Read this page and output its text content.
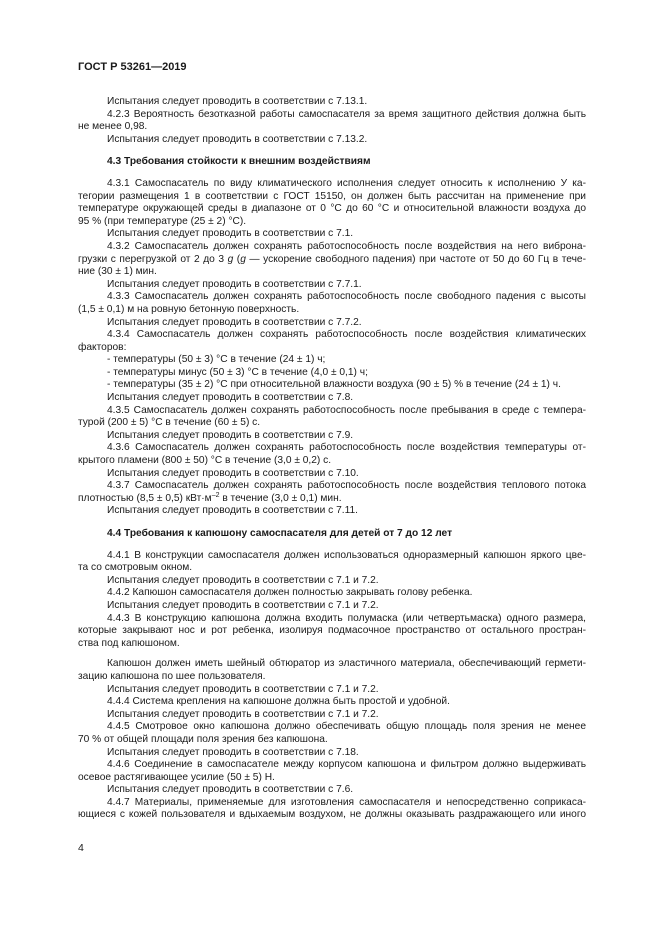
ГОСТ Р 53261—2019
Испытания следует проводить в соответствии с 7.13.1.
4.2.3 Вероятность безотказной работы самоспасателя за время защитного действия должна быть
не менее 0,98.
Испытания следует проводить в соответствии с 7.13.2.
4.3 Требования стойкости к внешним воздействиям
4.3.1 Самоспасатель по виду климатического исполнения следует относить к исполнению У ка-
тегории размещения 1 в соответствии с ГОСТ 15150, он должен быть рассчитан на применение при
температуре окружающей среды в диапазоне от 0 °С до 60 °С и относительной влажности воздуха до
95 % (при температуре (25 ± 2) °С).
Испытания следует проводить в соответствии с 7.1.
4.3.2 Самоспасатель должен сохранять работоспособность после воздействия на него виброна-
грузки с перегрузкой от 2 до 3 g (g — ускорение свободного падения) при частоте от 50 до 60 Гц в тече-
ние (30 ± 1) мин.
Испытания следует проводить в соответствии с 7.7.1.
4.3.3 Самоспасатель должен сохранять работоспособность после свободного падения с высоты
(1,5 ± 0,1) м на ровную бетонную поверхность.
Испытания следует проводить в соответствии с 7.7.2.
4.3.4 Самоспасатель должен сохранять работоспособность после воздействия климатических
факторов:
- температуры (50 ± 3) °С в течение (24 ± 1) ч;
- температуры минус (50 ± 3) °С в течение (4,0 ± 0,1) ч;
- температуры (35 ± 2) °С при относительной влажности воздуха (90 ± 5) % в течение (24 ± 1) ч.
Испытания следует проводить в соответствии с 7.8.
4.3.5 Самоспасатель должен сохранять работоспособность после пребывания в среде с темпера-
турой (200 ± 5) °С в течение (60 ± 5) с.
Испытания следует проводить в соответствии с 7.9.
4.3.6 Самоспасатель должен сохранять работоспособность после воздействия температуры от-
крытого пламени (800 ± 50) °С в течение (3,0 ± 0,2) с.
Испытания следует проводить в соответствии с 7.10.
4.3.7 Самоспасатель должен сохранять работоспособность после воздействия теплового потока
плотностью (8,5 ± 0,5) $кВт\cdot м^{-2}$ в течение (3,0 ± 0,1) мин.
Испытания следует проводить в соответствии с 7.11.
4.4 Требования к капюшону самоспасателя для детей от 7 до 12 лет
4.4.1 В конструкции самоспасателя должен использоваться одноразмерный капюшон яркого цве-
та со смотровым окном.
Испытания следует проводить в соответствии с 7.1 и 7.2.
4.4.2 Капюшон самоспасателя должен полностью закрывать голову ребенка.
Испытания следует проводить в соответствии с 7.1 и 7.2.
4.4.3 В конструкцию капюшона должна входить полумаска (или четвертьмаска) одного размера,
которые закрывают нос и рот ребенка, изолируя подмасочное пространство от остального простран-
ства под капюшоном.
Капюшон должен иметь шейный обтюратор из эластичного материала, обеспечивающий гермети-
зацию капюшона по шее пользователя.
Испытания следует проводить в соответствии с 7.1 и 7.2.
4.4.4 Система крепления на капюшоне должна быть простой и удобной.
Испытания следует проводить в соответствии с 7.1 и 7.2.
4.4.5 Смотровое окно капюшона должно обеспечивать общую площадь поля зрения не менее
70 % от общей площади поля зрения без капюшона.
Испытания следует проводить в соответствии с 7.18.
4.4.6 Соединение в самоспасателе между корпусом капюшона и фильтром должно выдерживать
осевое растягивающее усилие (50 ± 5) Н.
Испытания следует проводить в соответствии с 7.6.
4.4.7 Материалы, применяемые для изготовления самоспасателя и непосредственно соприкаса-
ющиеся с кожей пользователя и вдыхаемым воздухом, не должны оказывать раздражающего или иного
4
